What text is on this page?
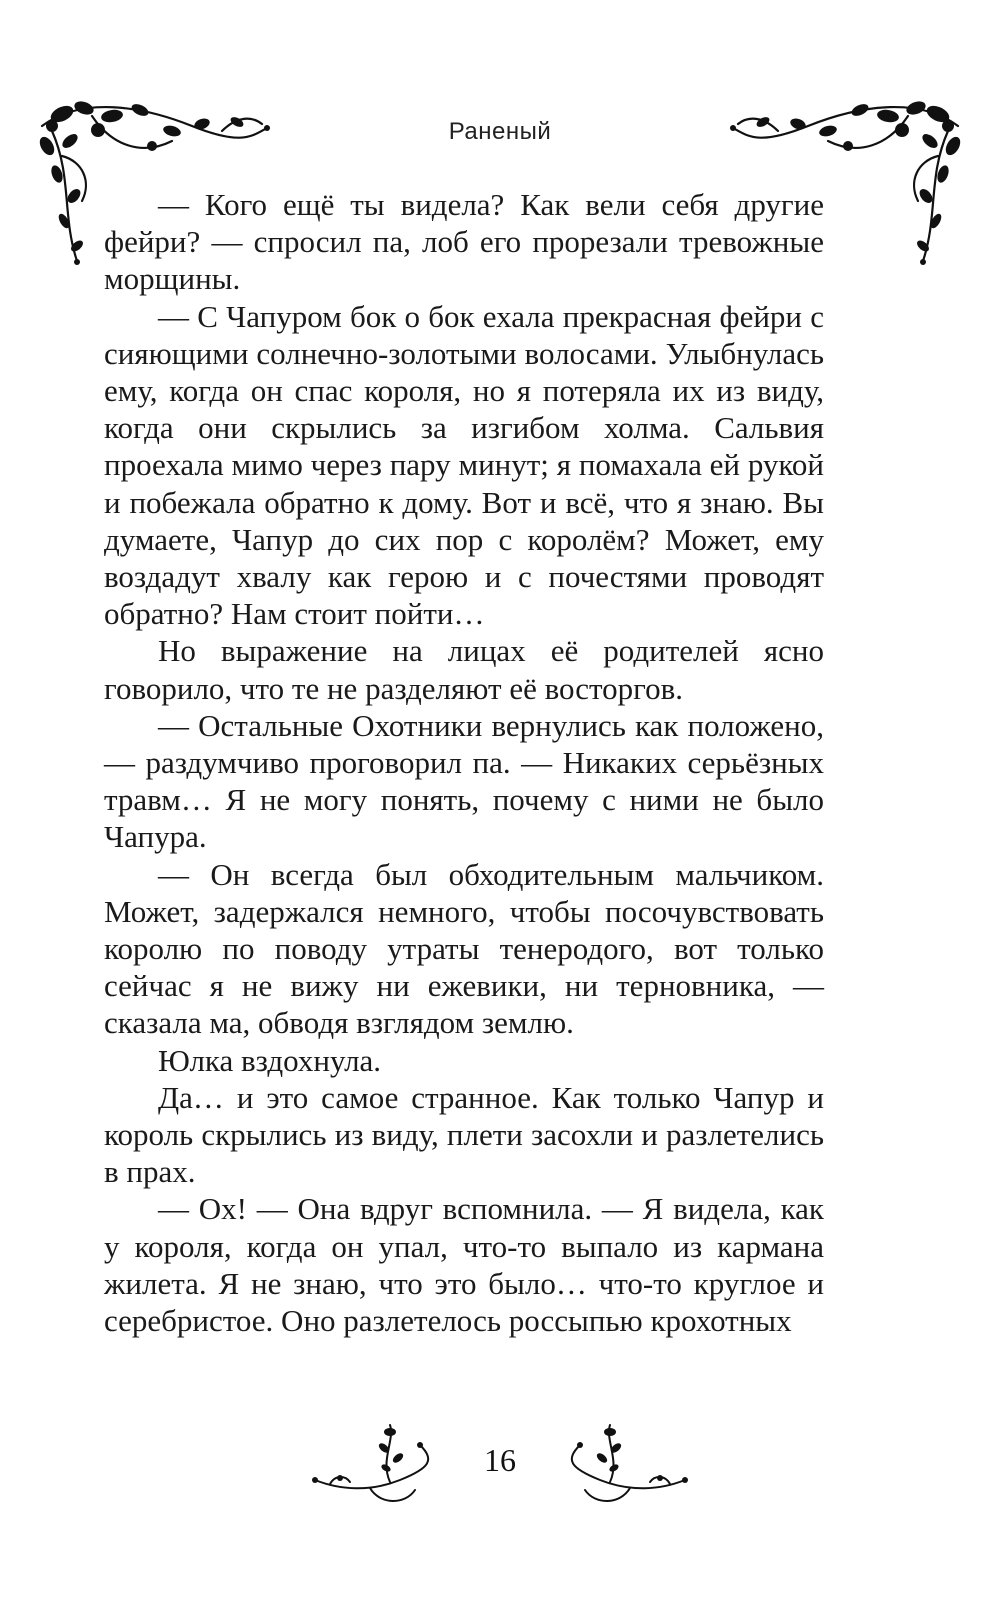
Раненый

— Кого ещё ты видела? Как вели себя другие фейри? — спросил па, лоб его прорезали тревожные морщины.

— С Чапуром бок о бок ехала прекрасная фейри с сияющими солнечно-золотыми волосами. Улыбнулась ему, когда он спас короля, но я потеряла их из виду, когда они скрылись за изгибом холма. Сальвия проехала мимо через пару минут; я помахала ей рукой и побежала обратно к дому. Вот и всё, что я знаю. Вы думаете, Чапур до сих пор с королём? Может, ему воздадут хвалу как герою и с почестями проводят обратно? Нам стоит пойти…

Но выражение на лицах её родителей ясно говорило, что те не разделяют её восторгов.

— Остальные Охотники вернулись как положено, — раздумчиво проговорил па. — Никаких серьёзных травм… Я не могу понять, почему с ними не было Чапура.

— Он всегда был обходительным мальчиком. Может, задержался немного, чтобы посочувствовать королю по поводу утраты тенеродого, вот только сейчас я не вижу ни ежевики, ни терновника, — сказала ма, обводя взглядом землю.

Юлка вздохнула.

Да… и это самое странное. Как только Чапур и король скрылись из виду, плети засохли и разлетелись в прах.

— Ох! — Она вдруг вспомнила. — Я видела, как у короля, когда он упал, что-то выпало из кармана жилета. Я не знаю, что это было… что-то круглое и серебристое. Оно разлетелось россыпью крохотных

16
